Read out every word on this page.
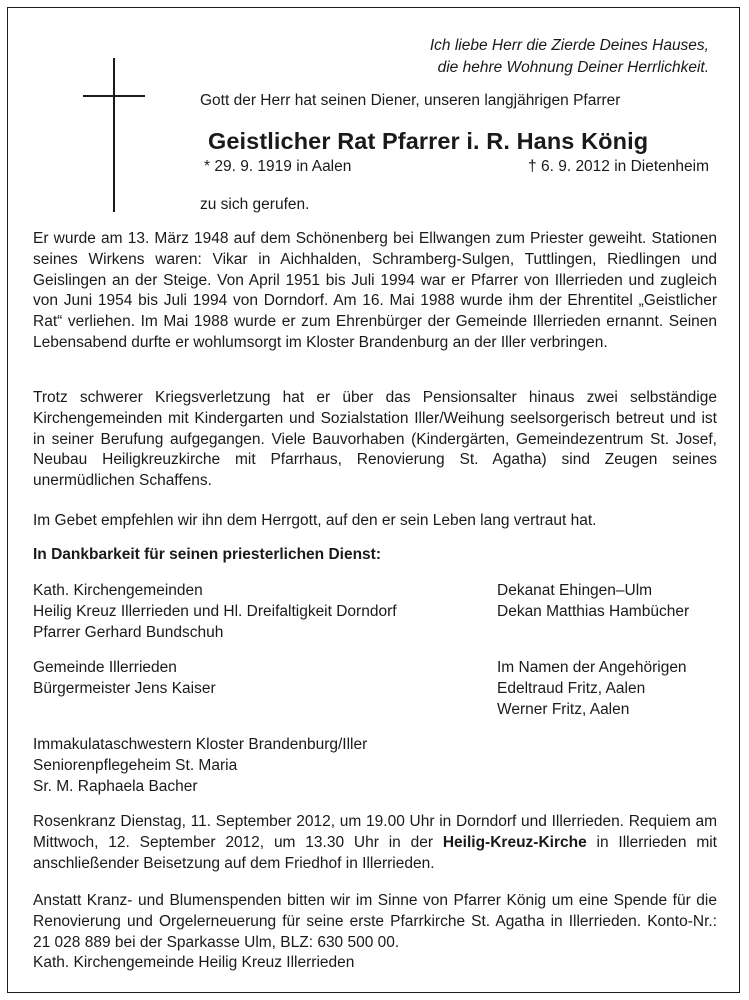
Ich liebe Herr die Zierde Deines Hauses,
die hehre Wohnung Deiner Herrlichkeit.
Gott der Herr hat seinen Diener, unseren langjährigen Pfarrer
Geistlicher Rat Pfarrer i. R. Hans König
* 29. 9. 1919 in Aalen	† 6. 9. 2012 in Dietenheim
zu sich gerufen.
Er wurde am 13. März 1948 auf dem Schönenberg bei Ellwangen zum Priester geweiht. Stationen seines Wirkens waren: Vikar in Aichhalden, Schramberg-Sulgen, Tuttlingen, Riedlingen und Geislingen an der Steige. Von April 1951 bis Juli 1994 war er Pfarrer von Illerrieden und zugleich von Juni 1954 bis Juli 1994 von Dorndorf. Am 16. Mai 1988 wurde ihm der Ehrentitel „Geistlicher Rat“ verliehen. Im Mai 1988 wurde er zum Ehrenbürger der Gemeinde Illerrieden ernannt. Seinen Lebensabend durfte er wohlumsorgt im Kloster Brandenburg an der Iller verbringen.
Trotz schwerer Kriegsverletzung hat er über das Pensionsalter hinaus zwei selbständige Kirchengemeinden mit Kindergarten und Sozialstation Iller/Weihung seelsorgerisch betreut und ist in seiner Berufung aufgegangen. Viele Bauvorhaben (Kindergärten, Gemeindezentrum St. Josef, Neubau Heiligkreuzkirche mit Pfarrhaus, Renovierung St. Agatha) sind Zeugen seines unermüdlichen Schaffens.
Im Gebet empfehlen wir ihn dem Herrgott, auf den er sein Leben lang vertraut hat.
In Dankbarkeit für seinen priesterlichen Dienst:
Kath. Kirchengemeinden
Heilig Kreuz Illerrieden und Hl. Dreifaltigkeit Dorndorf
Pfarrer Gerhard Bundschuh
Dekanat Ehingen–Ulm
Dekan Matthias Hambücher
Gemeinde Illerrieden
Bürgermeister Jens Kaiser
Im Namen der Angehörigen
Edeltraud Fritz, Aalen
Werner Fritz, Aalen
Immakulataschwestern Kloster Brandenburg/Iller
Seniorenpflegeheim St. Maria
Sr. M. Raphaela Bacher
Rosenkranz Dienstag, 11. September 2012, um 19.00 Uhr in Dorndorf und Illerrieden. Requiem am Mittwoch, 12. September 2012, um 13.30 Uhr in der Heilig-Kreuz-Kirche in Illerrieden mit anschließender Beisetzung auf dem Friedhof in Illerrieden.
Anstatt Kranz- und Blumenspenden bitten wir im Sinne von Pfarrer König um eine Spende für die Renovierung und Orgelerneuerung für seine erste Pfarrkirche St. Agatha in Illerrieden. Konto-Nr.: 21 028 889 bei der Sparkasse Ulm, BLZ: 630 500 00.
Kath. Kirchengemeinde Heilig Kreuz Illerrieden
